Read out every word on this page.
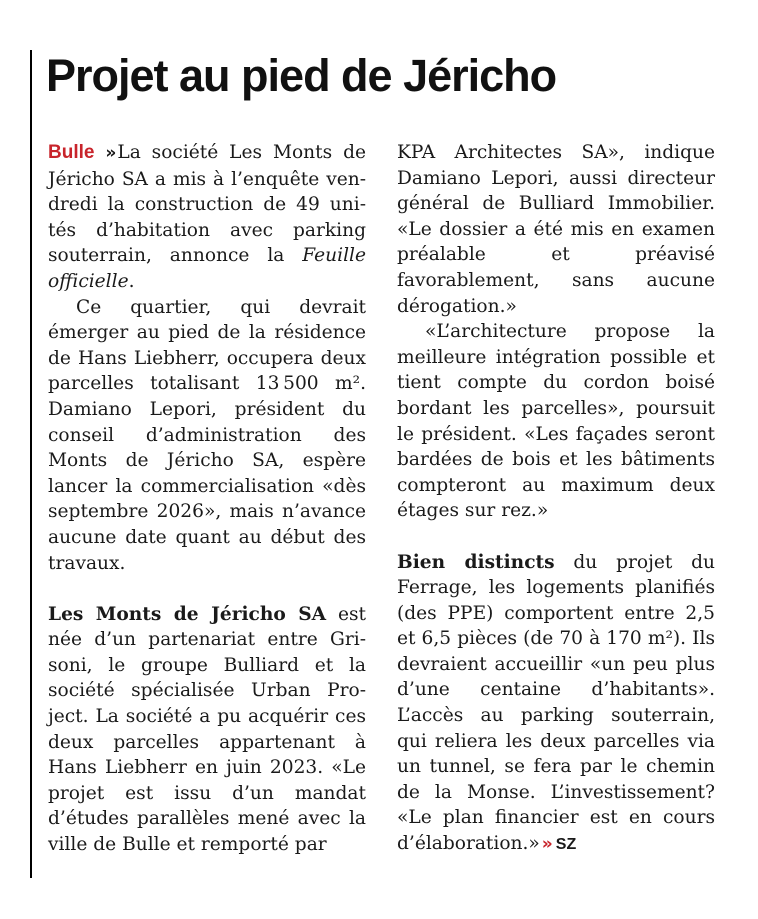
Projet au pied de Jéricho

Bulle » La société Les Monts de Jéricho SA a mis à l’enquête vendredi la construction de 49 unités d’habitation avec parking souterrain, annonce la Feuille officielle.

Ce quartier, qui devrait émerger au pied de la résidence de Hans Liebherr, occupera deux parcelles totalisant 13 500 m². Damiano Lepori, président du conseil d’administration des Monts de Jéricho SA, espère lancer la commercialisation «dès septembre 2026», mais n’avance aucune date quant au début des travaux.

Les Monts de Jéricho SA est née d’un partenariat entre Grisoni, le groupe Bulliard et la société spécialisée Urban Project. La société a pu acquérir ces deux parcelles appartenant à Hans Liebherr en juin 2023. «Le projet est issu d’un mandat d’études parallèles mené avec la ville de Bulle et remporté par

KPA Architectes SA», indique Damiano Lepori, aussi directeur général de Bulliard Immobilier. «Le dossier a été mis en examen préalable et préavisé favorablement, sans aucune dérogation.»

«L’architecture propose la meilleure intégration possible et tient compte du cordon boisé bordant les parcelles», poursuit le président. «Les façades seront bardées de bois et les bâtiments compteront au maximum deux étages sur rez.»

Bien distincts du projet du Ferrage, les logements planifiés (des PPE) comportent entre 2,5 et 6,5 pièces (de 70 à 170 m²). Ils devraient accueillir «un peu plus d’une centaine d’habitants». L’accès au parking souterrain, qui reliera les deux parcelles via un tunnel, se fera par le chemin de la Monse. L’investissement? «Le plan financier est en cours d’élaboration.» » SZ
